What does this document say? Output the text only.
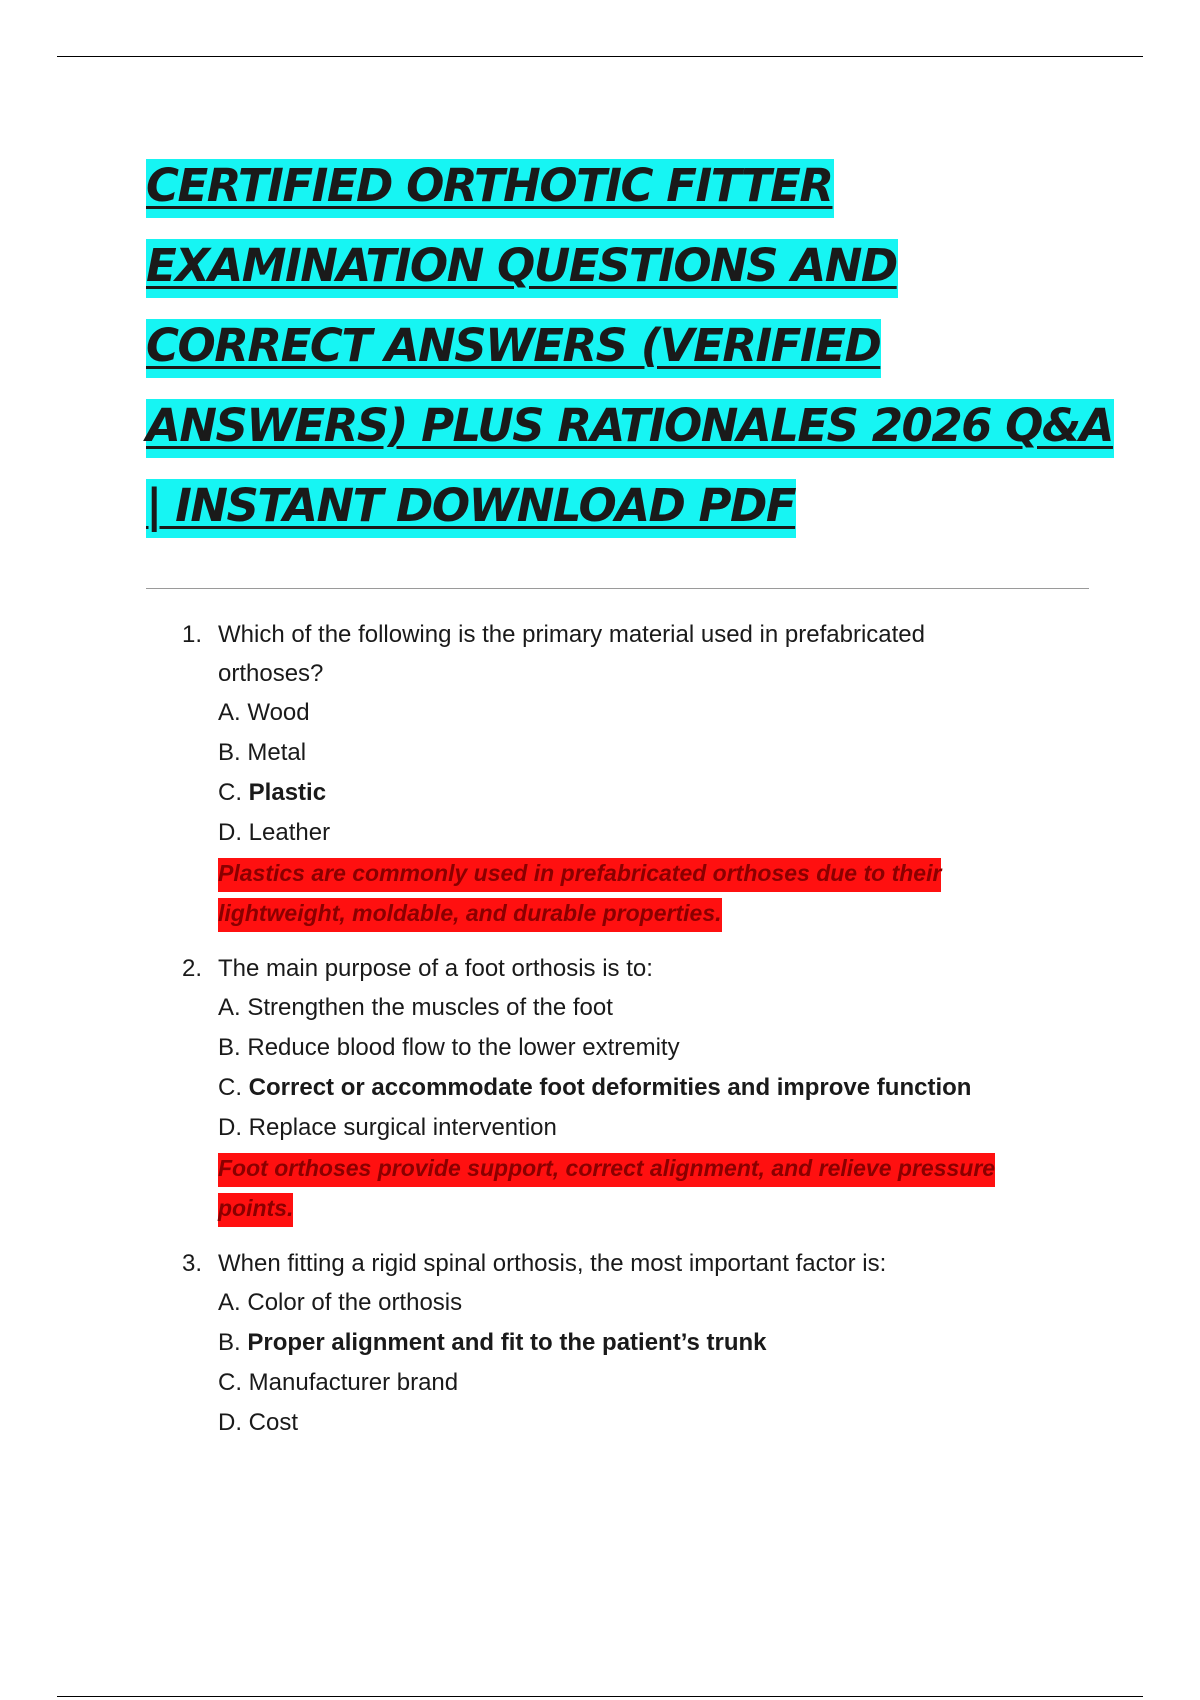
CERTIFIED ORTHOTIC FITTER
EXAMINATION QUESTIONS AND
CORRECT ANSWERS (VERIFIED
ANSWERS) PLUS RATIONALES 2026 Q&A
| INSTANT DOWNLOAD PDF
1. Which of the following is the primary material used in prefabricated orthoses?

A. Wood

B. Metal

C. Plastic

D. Leather

Plastics are commonly used in prefabricated orthoses due to their lightweight, moldable, and durable properties.

2. The main purpose of a foot orthosis is to:

A. Strengthen the muscles of the foot

B. Reduce blood flow to the lower extremity

C. Correct or accommodate foot deformities and improve function

D. Replace surgical intervention

Foot orthoses provide support, correct alignment, and relieve pressure points.

3. When fitting a rigid spinal orthosis, the most important factor is:

A. Color of the orthosis

B. Proper alignment and fit to the patient’s trunk

C. Manufacturer brand

D. Cost
